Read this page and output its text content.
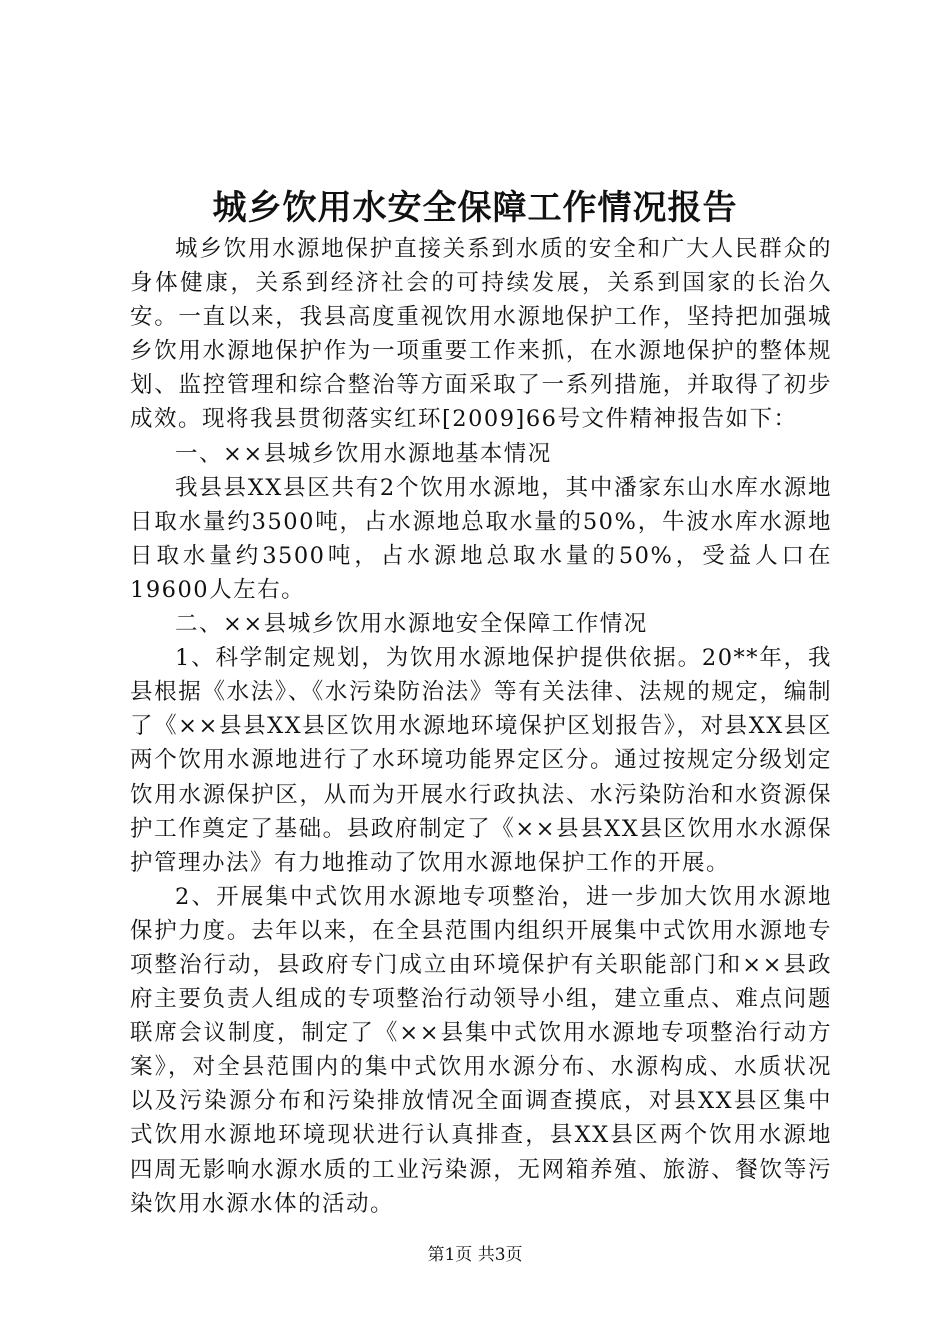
城乡饮用水安全保障工作情况报告

城乡饮用水源地保护直接关系到水质的安全和广大人民群众的身体健康，关系到经济社会的可持续发展，关系到国家的长治久安。一直以来，我县高度重视饮用水源地保护工作，坚持把加强城乡饮用水源地保护作为一项重要工作来抓，在水源地保护的整体规划、监控管理和综合整治等方面采取了一系列措施，并取得了初步成效。现将我县贯彻落实红环[2009]66号文件精神报告如下：

一、××县城乡饮用水源地基本情况

我县县XX县区共有2个饮用水源地，其中潘家东山水库水源地日取水量约3500吨，占水源地总取水量的50%，牛波水库水源地日取水量约3500吨，占水源地总取水量的50%，受益人口在19600人左右。

二、××县城乡饮用水源地安全保障工作情况

1、科学制定规划，为饮用水源地保护提供依据。20**年，我县根据《水法》、《水污染防治法》等有关法律、法规的规定，编制了《××县县XX县区饮用水源地环境保护区划报告》，对县XX县区两个饮用水源地进行了水环境功能界定区分。通过按规定分级划定饮用水源保护区，从而为开展水行政执法、水污染防治和水资源保护工作奠定了基础。县政府制定了《××县县XX县区饮用水水源保护管理办法》有力地推动了饮用水源地保护工作的开展。

2、开展集中式饮用水源地专项整治，进一步加大饮用水源地保护力度。去年以来，在全县范围内组织开展集中式饮用水源地专项整治行动，县政府专门成立由环境保护有关职能部门和××县政府主要负责人组成的专项整治行动领导小组，建立重点、难点问题联席会议制度，制定了《××县集中式饮用水源地专项整治行动方案》，对全县范围内的集中式饮用水源分布、水源构成、水质状况以及污染源分布和污染排放情况全面调查摸底，对县XX县区集中式饮用水源地环境现状进行认真排查，县XX县区两个饮用水源地四周无影响水源水质的工业污染源，无网箱养殖、旅游、餐饮等污染饮用水源水体的活动。

第1页 共3页
